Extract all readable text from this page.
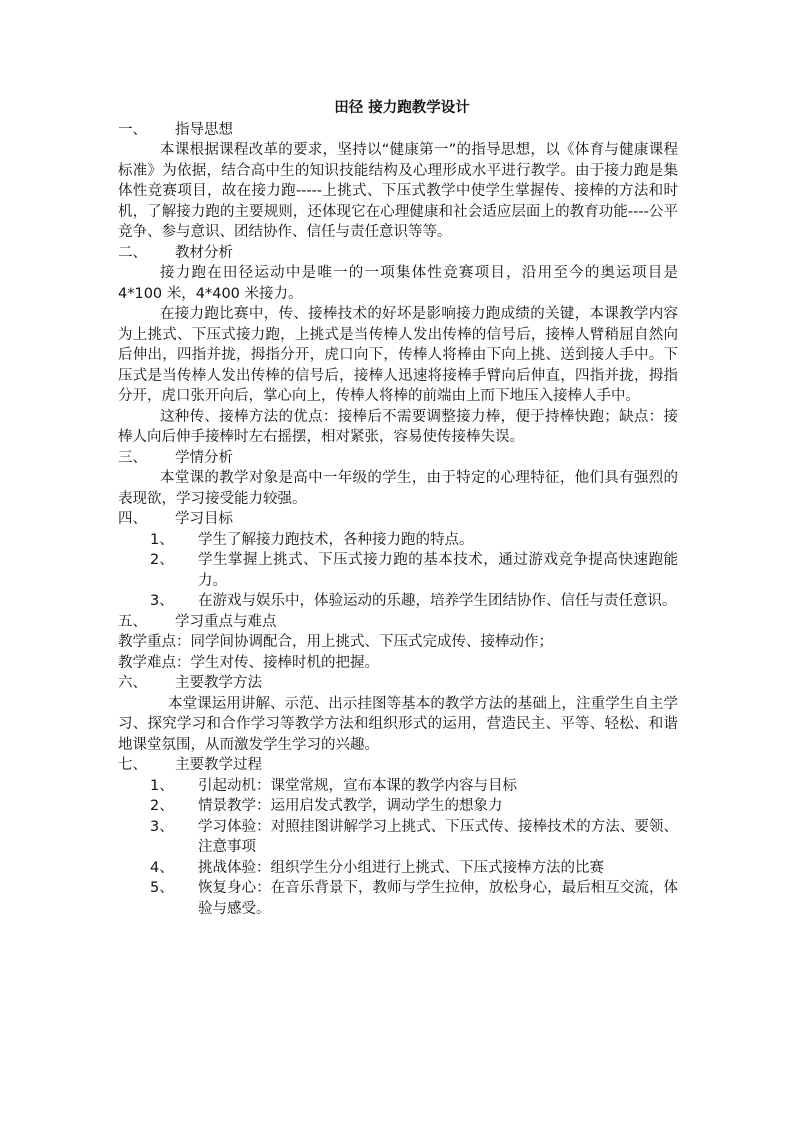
田径 接力跑教学设计
一、 指导思想

本课根据课程改革的要求，坚持以“健康第一”的指导思想，以《体育与健康课程标准》为依据，结合高中生的知识技能结构及心理形成水平进行教学。由于接力跑是集体性竞赛项目，故在接力跑-----上挑式、下压式教学中使学生掌握传、接棒的方法和时机，了解接力跑的主要规则，还体现它在心理健康和社会适应层面上的教育功能----公平竞争、参与意识、团结协作、信任与责任意识等等。

二、 教材分析

接力跑在田径运动中是唯一的一项集体性竞赛项目，沿用至今的奥运项目是 4*100 米，4*400 米接力。

在接力跑比赛中，传、接棒技术的好坏是影响接力跑成绩的关键，本课教学内容为上挑式、下压式接力跑，上挑式是当传棒人发出传棒的信号后，接棒人臂稍屈自然向后伸出，四指并拢，拇指分开，虎口向下，传棒人将棒由下向上挑、送到接人手中。下压式是当传棒人发出传棒的信号后，接棒人迅速将接棒手臂向后伸直，四指并拢，拇指分开，虎口张开向后，掌心向上，传棒人将棒的前端由上而下地压入接棒人手中。

这种传、接棒方法的优点：接棒后不需要调整接力棒，便于持棒快跑；缺点：接棒人向后伸手接棒时左右摇摆，相对紧张，容易使传接棒失误。

三、 学情分析

本堂课的教学对象是高中一年级的学生，由于特定的心理特征，他们具有强烈的表现欲，学习接受能力较强。

四、 学习目标
1、	学生了解接力跑技术，各种接力跑的特点。
2、	学生掌握上挑式、下压式接力跑的基本技术，通过游戏竞争提高快速跑能力。
3、	在游戏与娱乐中，体验运动的乐趣，培养学生团结协作、信任与责任意识。
五、 学习重点与难点

教学重点：同学间协调配合，用上挑式、下压式完成传、接棒动作；

教学难点：学生对传、接棒时机的把握。

六、 主要教学方法

本堂课运用讲解、示范、出示挂图等基本的教学方法的基础上，注重学生自主学习、探究学习和合作学习等教学方法和组织形式的运用，营造民主、平等、轻松、和谐地课堂氛围，从而激发学生学习的兴趣。

七、 主要教学过程
1、	引起动机：课堂常规，宣布本课的教学内容与目标
2、	情景教学：运用启发式教学，调动学生的想象力
3、	学习体验：对照挂图讲解学习上挑式、下压式传、接棒技术的方法、要领、注意事项
4、	挑战体验：组织学生分小组进行上挑式、下压式接棒方法的比赛
5、	恢复身心：在音乐背景下，教师与学生拉伸，放松身心，最后相互交流，体验与感受。
